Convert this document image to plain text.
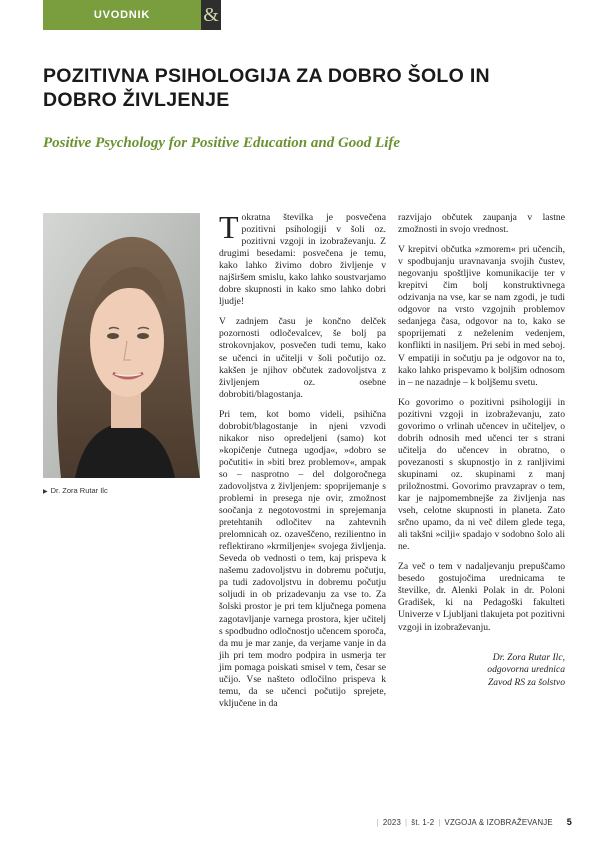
UVODNIK	&
POZITIVNA PSIHOLOGIJA ZA DOBRO ŠOLO IN DOBRO ŽIVLJENJE
Positive Psychology for Positive Education and Good Life
▶ Dr. Zora Rutar Ilc

Tokratna številka je posvečena pozitivni psihologiji v šoli oz. pozitivni vzgoji in izobraževanju. Z drugimi besedami: posvečena je temu, kako lahko živimo dobro življenje v najširšem smislu, kako lahko soustvarjamo dobre skupnosti in kako smo lahko dobri ljudje!

V zadnjem času je končno delček pozornosti odločevalcev, še bolj pa strokovnjakov, posvečen tudi temu, kako se učenci in učitelji v šoli počutijo oz. kakšen je njihov občutek zadovoljstva z življenjem oz. osebne dobrobiti/blagostanja.

Pri tem, kot bomo videli, psihična dobrobit/blagostanje in njeni vzvodi nikakor niso opredeljeni (samo) kot »kopičenje čutnega ugodja«, »dobro se počutiti« in »biti brez problemov«, ampak so – nasprotno – del dolgoročnega zadovoljstva z življenjem: spoprijemanje s problemi in presega nje ovir, zmožnost soočanja z negotovostmi in sprejemanja pretehtanih odločitev na zahtevnih prelomnicah oz. ozaveščeno, rezilientno in reflektirano »krmiljenje« svojega življenja. Seveda ob vednosti o tem, kaj prispeva k našemu zadovoljstvu in dobremu počutju, pa tudi zadovoljstvu in dobremu počutju soljudi in ob prizadevanju za vse to. Za šolski prostor je pri tem ključnega pomena zagotavljanje varnega prostora, kjer učitelj s spodbudno odločnostjo učencem sporoča, da mu je mar zanje, da verjame vanje in da jih pri tem modro podpira in usmerja ter jim pomaga poiskati smisel v tem, česar se učijo. Vse našteto odločilno prispeva k temu, da se učenci počutijo sprejete, vključene in da

razvijajo občutek zaupanja v lastne zmožnosti in svojo vrednost.

V krepitvi občutka »zmorem« pri učencih, v spodbujanju uravnavanja svojih čustev, negovanju spoštljive komunikacije ter v krepitvi čim bolj konstruktivnega odzivanja na vse, kar se nam zgodi, je tudi odgovor na vrsto vzgojnih problemov sedanjega časa, odgovor na to, kako se spoprijemati z neželenim vedenjem, konflikti in nasiljem. Pri sebi in med seboj. V empatiji in sočutju pa je odgovor na to, kako lahko prispevamo k boljšim odnosom in – ne nazadnje – k boljšemu svetu.

Ko govorimo o pozitivni psihologiji in pozitivni vzgoji in izobraževanju, zato govorimo o vrlinah učencev in učiteljev, o dobrih odnosih med učenci ter s strani učitelja do učencev in obratno, o povezanosti s skupnostjo in z ranljivimi skupinami oz. skupinami z manj priložnostmi. Govorimo pravzaprav o tem, kar je najpomembnejše za življenja nas vseh, celotne skupnosti in planeta. Zato srčno upamo, da ni več dilem glede tega, ali takšni »cilji« spadajo v sodobno šolo ali ne.

Za več o tem v nadaljevanju prepuščamo besedo gostujočima urednicama te številke, dr. Alenki Polak in dr. Poloni Gradišek, ki na Pedagoški fakulteti Univerze v Ljubljani tlakujeta pot pozitivni vzgoji in izobraževanju.

Dr. Zora Rutar Ilc,
odgovorna urednica
Zavod RS za šolstvo
| 2023 | št. 1-2 | VZGOJA & IZOBRAŽEVANJE 5
